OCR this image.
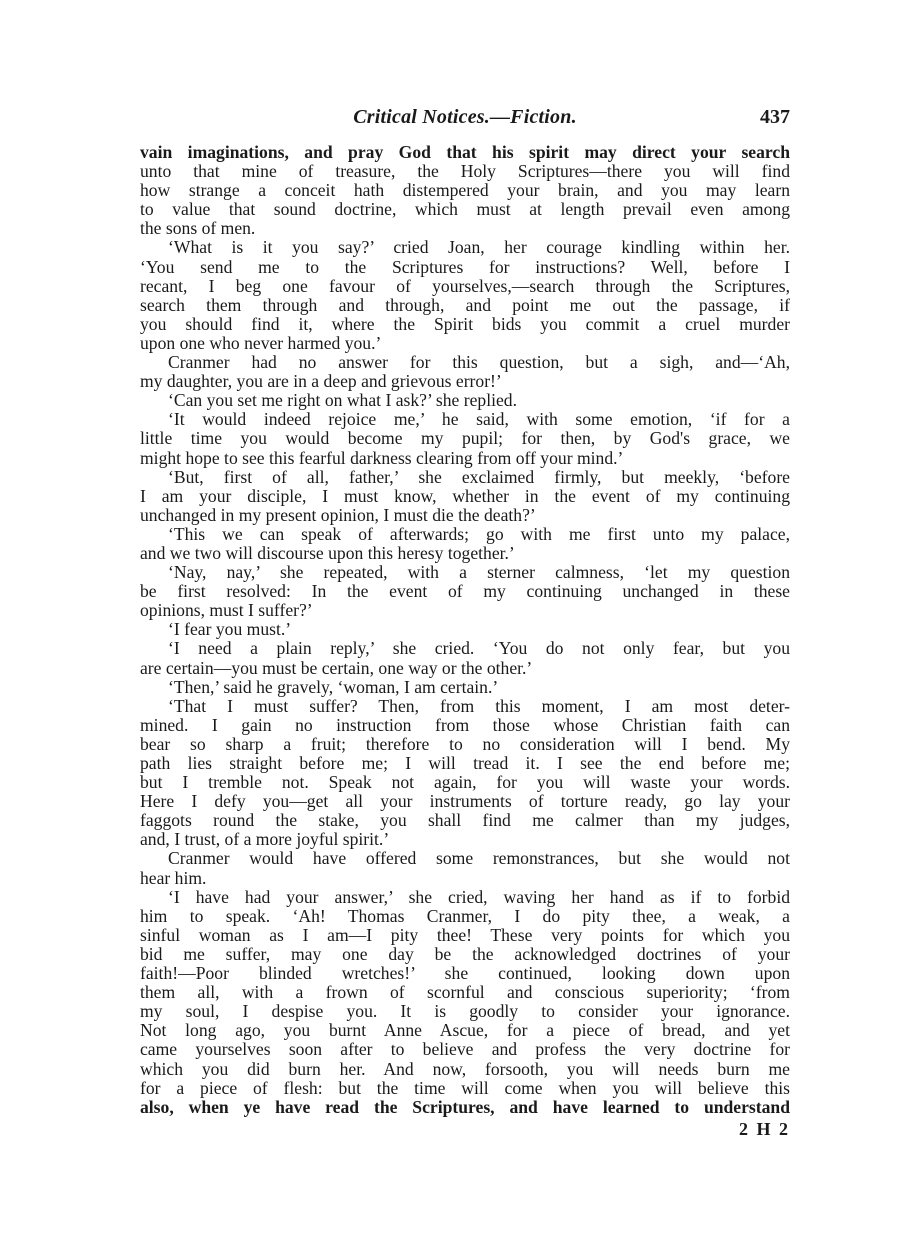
Critical Notices.—Fiction.	437
vain imaginations, and pray God that his spirit may direct your search
unto that mine of treasure, the Holy Scriptures—there you will find
how strange a conceit hath distempered your brain, and you may learn
to value that sound doctrine, which must at length prevail even among
the sons of men.
‘What is it you say?’ cried Joan, her courage kindling within her.
‘You send me to the Scriptures for instructions? Well, before I
recant, I beg one favour of yourselves,—search through the Scriptures,
search them through and through, and point me out the passage, if
you should find it, where the Spirit bids you commit a cruel murder
upon one who never harmed you.’
Cranmer had no answer for this question, but a sigh, and—‘Ah,
my daughter, you are in a deep and grievous error!’
‘Can you set me right on what I ask?’ she replied.
‘It would indeed rejoice me,’ he said, with some emotion, ‘if for a
little time you would become my pupil; for then, by God's grace, we
might hope to see this fearful darkness clearing from off your mind.’
‘But, first of all, father,’ she exclaimed firmly, but meekly, ‘before
I am your disciple, I must know, whether in the event of my continuing
unchanged in my present opinion, I must die the death?’
‘This we can speak of afterwards; go with me first unto my palace,
and we two will discourse upon this heresy together.’
‘Nay, nay,’ she repeated, with a sterner calmness, ‘let my question
be first resolved: In the event of my continuing unchanged in these
opinions, must I suffer?’
‘I fear you must.’
‘I need a plain reply,’ she cried. ‘You do not only fear, but you
are certain—you must be certain, one way or the other.’
‘Then,’ said he gravely, ‘woman, I am certain.’
‘That I must suffer? Then, from this moment, I am most deter-
mined. I gain no instruction from those whose Christian faith can
bear so sharp a fruit; therefore to no consideration will I bend. My
path lies straight before me; I will tread it. I see the end before me;
but I tremble not. Speak not again, for you will waste your words.
Here I defy you—get all your instruments of torture ready, go lay your
faggots round the stake, you shall find me calmer than my judges,
and, I trust, of a more joyful spirit.’
Cranmer would have offered some remonstrances, but she would not
hear him.
‘I have had your answer,’ she cried, waving her hand as if to forbid
him to speak. ‘Ah! Thomas Cranmer, I do pity thee, a weak, a
sinful woman as I am—I pity thee! These very points for which you
bid me suffer, may one day be the acknowledged doctrines of your
faith!—Poor blinded wretches!’ she continued, looking down upon
them all, with a frown of scornful and conscious superiority; ‘from
my soul, I despise you. It is goodly to consider your ignorance.
Not long ago, you burnt Anne Ascue, for a piece of bread, and yet
came yourselves soon after to believe and profess the very doctrine for
which you did burn her. And now, forsooth, you will needs burn me
for a piece of flesh: but the time will come when you will believe this
also, when ye have read the Scriptures, and have learned to understand
2 H 2
